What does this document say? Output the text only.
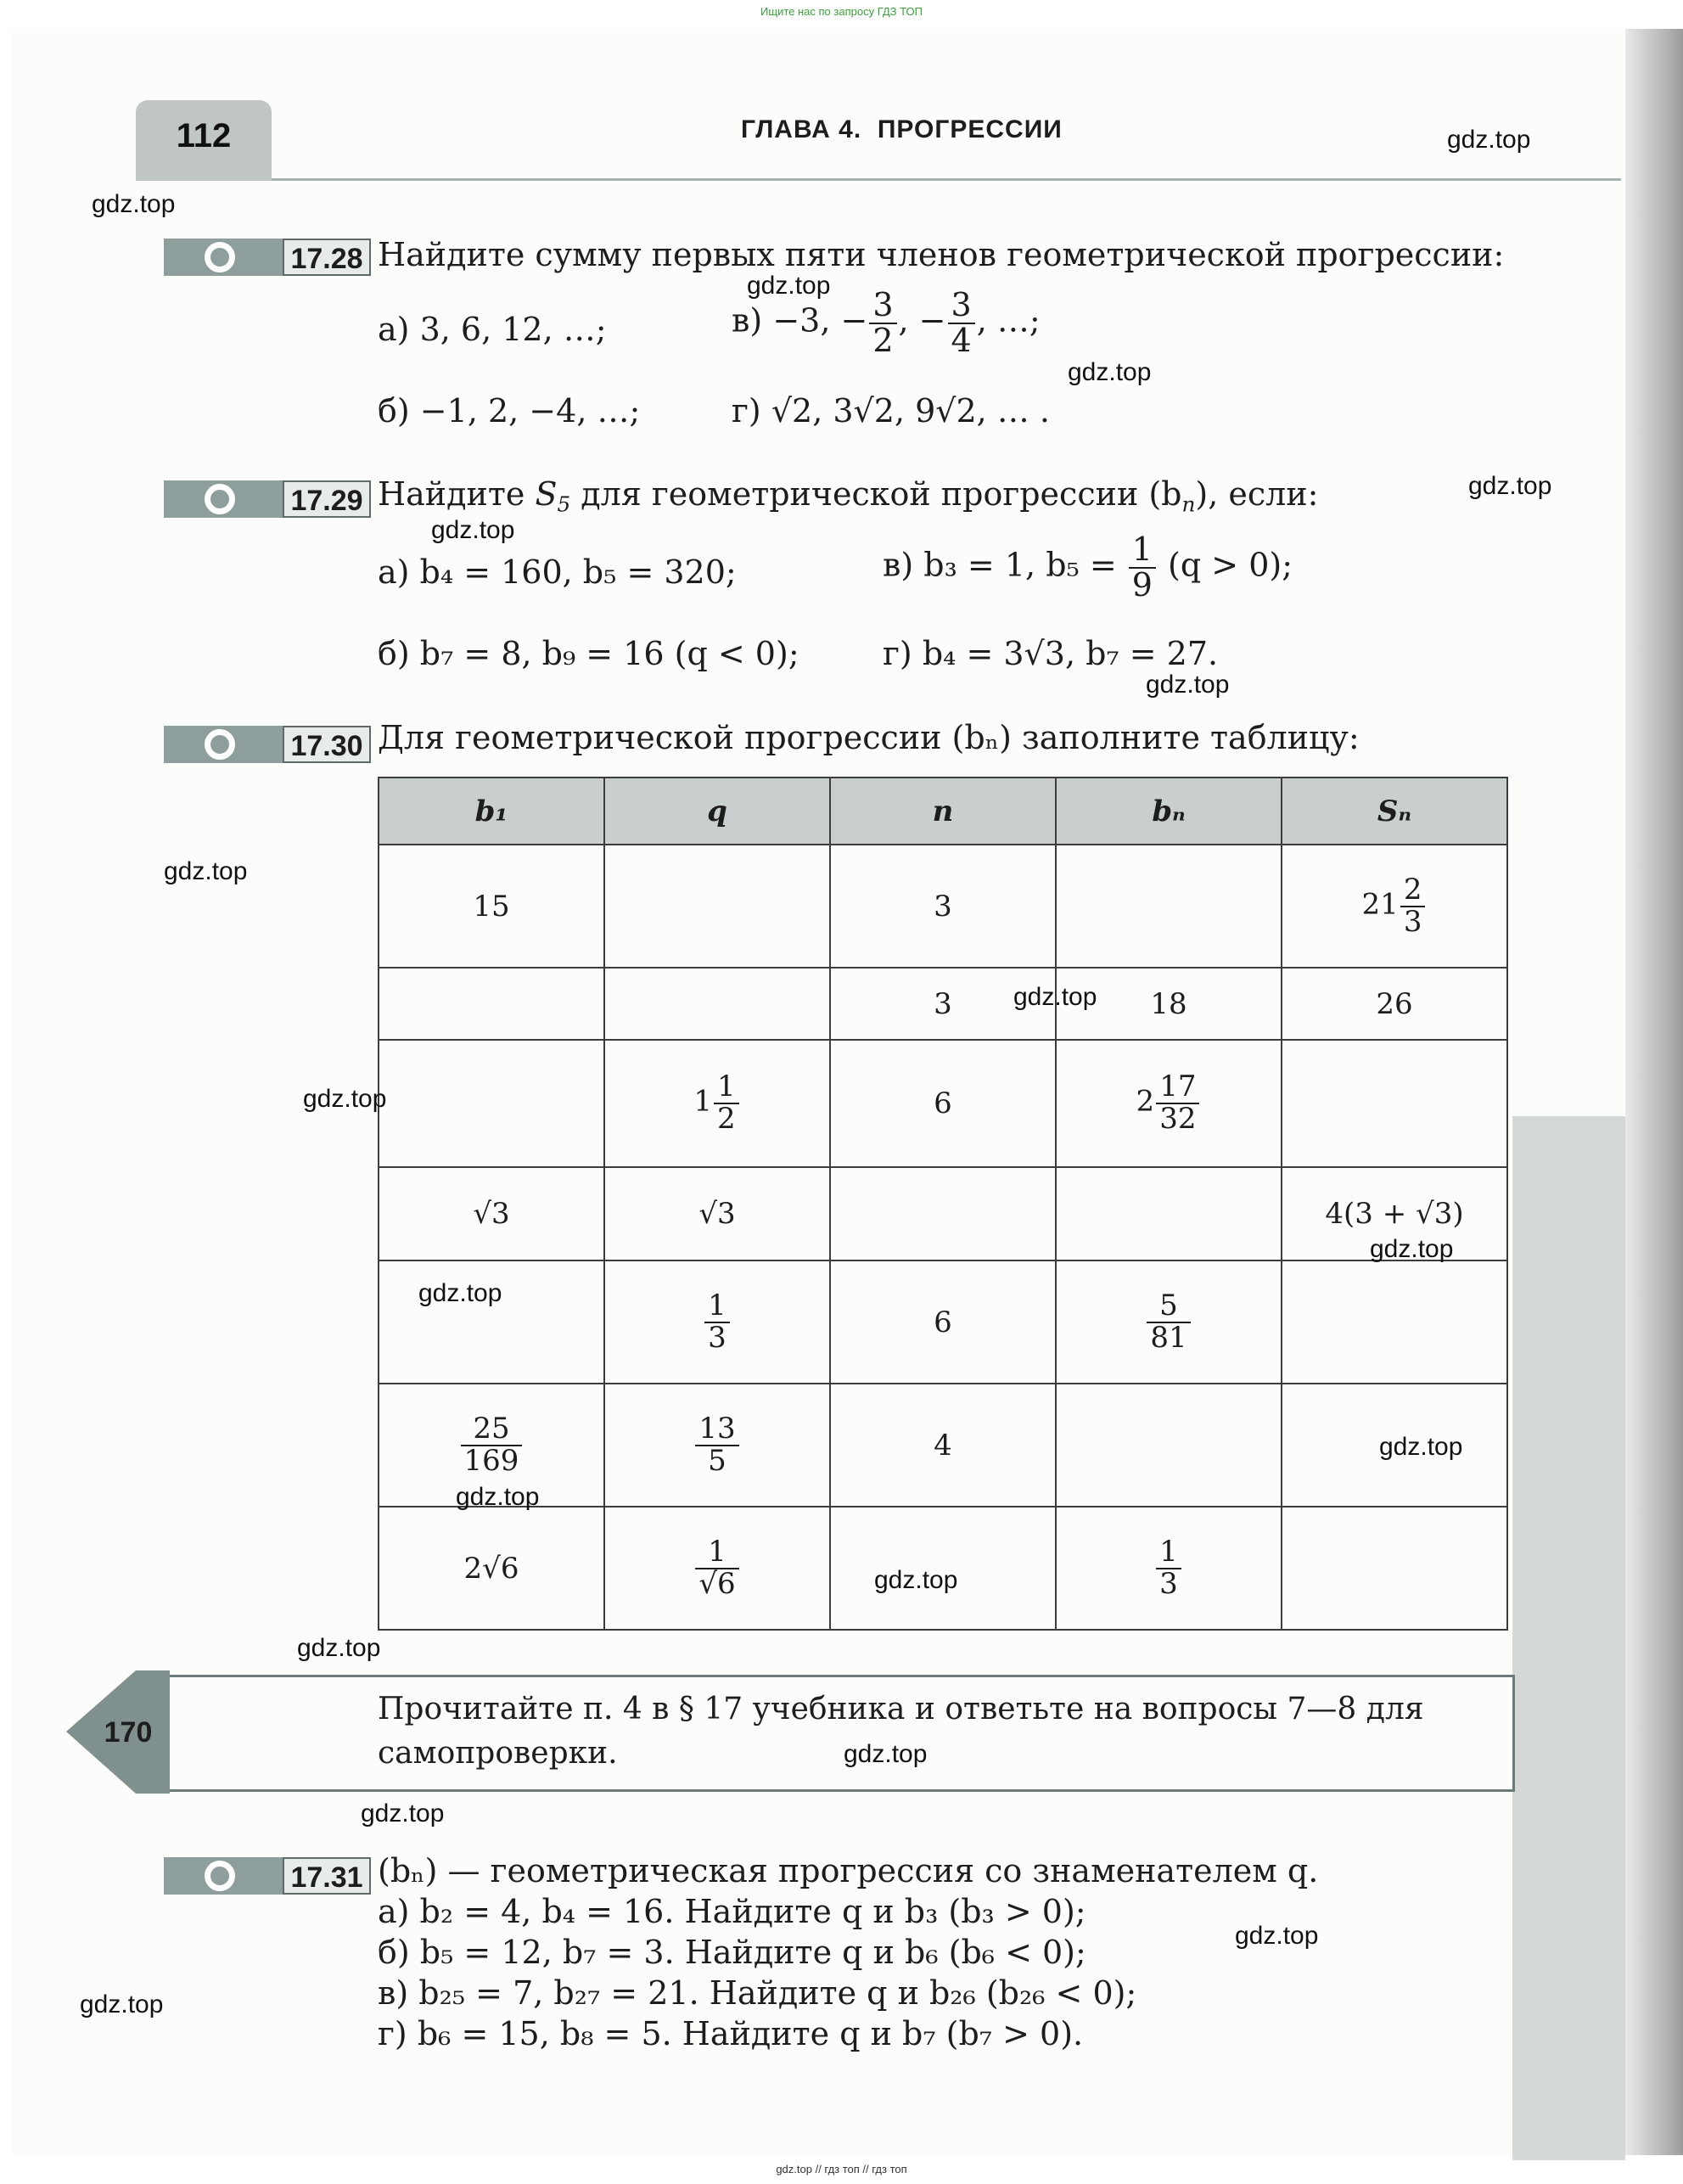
Ищите нас по запросу ГДЗ ТОП
112	ГЛАВА 4. ПРОГРЕССИИ
17.28 Найдите сумму первых пяти членов геометрической прогрессии:
а) 3, 6, 12, …;	в) −3, − $\frac{3}{2}$ , − $\frac{3}{4}$ , …;
б) −1, 2, −4, …;	г) √2, 3√2, 9√2, … .
17.29 Найдите $S_5$ для геометрической прогрессии $(b_n)$, если:
а) b₄ = 160, b₅ = 320;	в) b₃ = 1, $b_5 = \frac{1}{9} (q > 0)$;
б) b₇ = 8, b₉ = 16 (q < 0);	г) b₄ = 3√3, b₇ = 27.
17.30 Для геометрической прогрессии (bₙ) заполните таблицу:
b₁	q	n	bₙ	Sₙ
15		3		$21 \frac{2}{3}$

		3	18	26
	$1 \frac{1}{2}$	6	$2 \frac{17}{32}$

√3	√3			4(3 + √3)

	$\frac{1}{3}$	6	$\frac{5}{81}$

$\frac{25}{169}$	$\frac{13}{5}$	4		
2√6	$\frac{1}{√6}$		$\frac{1}{3}$

170
Прочитайте п. 4 в § 17 учебника и ответьте на вопросы 7—8 для самопроверки.
17.31 (bₙ) — геометрическая прогрессия со знаменателем q.
а) b₂ = 4, b₄ = 16. Найдите q и b₃ (b₃ > 0);
б) b₅ = 12, b₇ = 3. Найдите q и b₆ (b₆ < 0);
в) b₂₅ = 7, b₂₇ = 21. Найдите q и b₂₆ (b₂₆ < 0);
г) b₆ = 15, b₈ = 5. Найдите q и b₇ (b₇ > 0).
gdz.top
gdz.top
gdz.top
gdz.top
gdz.top
gdz.top
gdz.top
gdz.top
gdz.top
gdz.top
gdz.top
gdz.top
gdz.top
gdz.top
gdz.top
gdz.top
gdz.top
gdz.top
gdz.top
gdz.top
gdz.top // гдз топ // гдз топ
